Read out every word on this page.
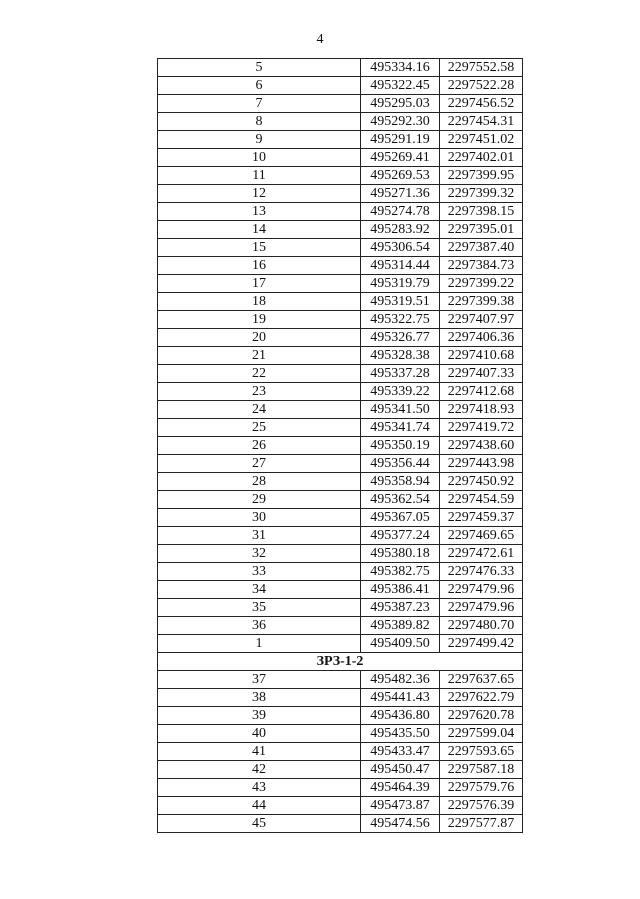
4
5	495334.16	2297552.58
6	495322.45	2297522.28
7	495295.03	2297456.52
8	495292.30	2297454.31
9	495291.19	2297451.02
10	495269.41	2297402.01
11	495269.53	2297399.95
12	495271.36	2297399.32
13	495274.78	2297398.15
14	495283.92	2297395.01
15	495306.54	2297387.40
16	495314.44	2297384.73
17	495319.79	2297399.22
18	495319.51	2297399.38
19	495322.75	2297407.97
20	495326.77	2297406.36
21	495328.38	2297410.68
22	495337.28	2297407.33
23	495339.22	2297412.68
24	495341.50	2297418.93
25	495341.74	2297419.72
26	495350.19	2297438.60
27	495356.44	2297443.98
28	495358.94	2297450.92
29	495362.54	2297454.59
30	495367.05	2297459.37
31	495377.24	2297469.65
32	495380.18	2297472.61
33	495382.75	2297476.33
34	495386.41	2297479.96
35	495387.23	2297479.96
36	495389.82	2297480.70
1	495409.50	2297499.42
ЗРЗ-1-2		
37	495482.36	2297637.65
38	495441.43	2297622.79
39	495436.80	2297620.78
40	495435.50	2297599.04
41	495433.47	2297593.65
42	495450.47	2297587.18
43	495464.39	2297579.76
44	495473.87	2297576.39
45	495474.56	2297577.87
